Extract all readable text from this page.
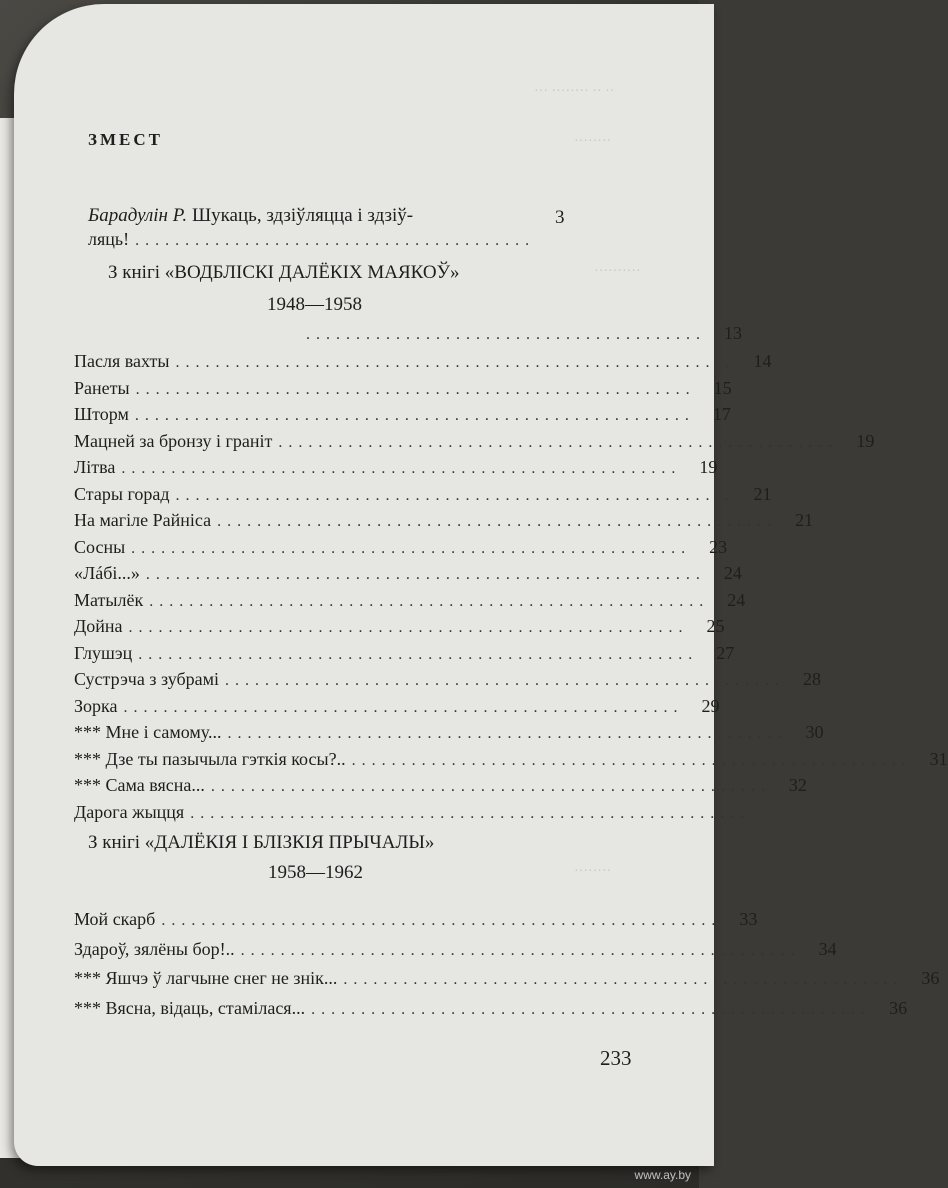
··· ········ ·· ··
········
··········
········
ЗМЕСТ
Барадулін Р. Шукаць, здзіўляцца і здзіў-	3
ляць! ........................................
З кнігі «ВОДБЛІСКІ ДАЛЁКІХ МАЯКОЎ»
1948—1958
........................................	13
Пасля вахты ........................................................	14
Ранеты ........................................................	15
Шторм ........................................................	17
Мацней за бронзу і граніт ........................................................	19
Літва ........................................................	19
Стары горад ........................................................	21
На магіле Райніса ........................................................	21
Сосны ........................................................	23
«Лáбі...» ........................................................	24
Матылёк ........................................................	24
Дойна ........................................................	25
Глушэц ........................................................	27
Сустрэча з зубрамі ........................................................	28
Зорка ........................................................	29
*** Мне і самому... ........................................................	30
*** Дзе ты пазычыла гэткія косы?.. ........................................................	31
*** Сама вясна... ........................................................	32
Дарога жыцця ........................................................
З кнігі «ДАЛЁКІЯ І БЛІЗКІЯ ПРЫЧАЛЫ»
1958—1962
Мой скарб ........................................................	33
Здароў, зялёны бор!.. ........................................................	34
*** Яшчэ ў лагчыне снег не знік... ........................................................	36
*** Вясна, відаць, стамілася... ........................................................	36
233
www.ay.by
